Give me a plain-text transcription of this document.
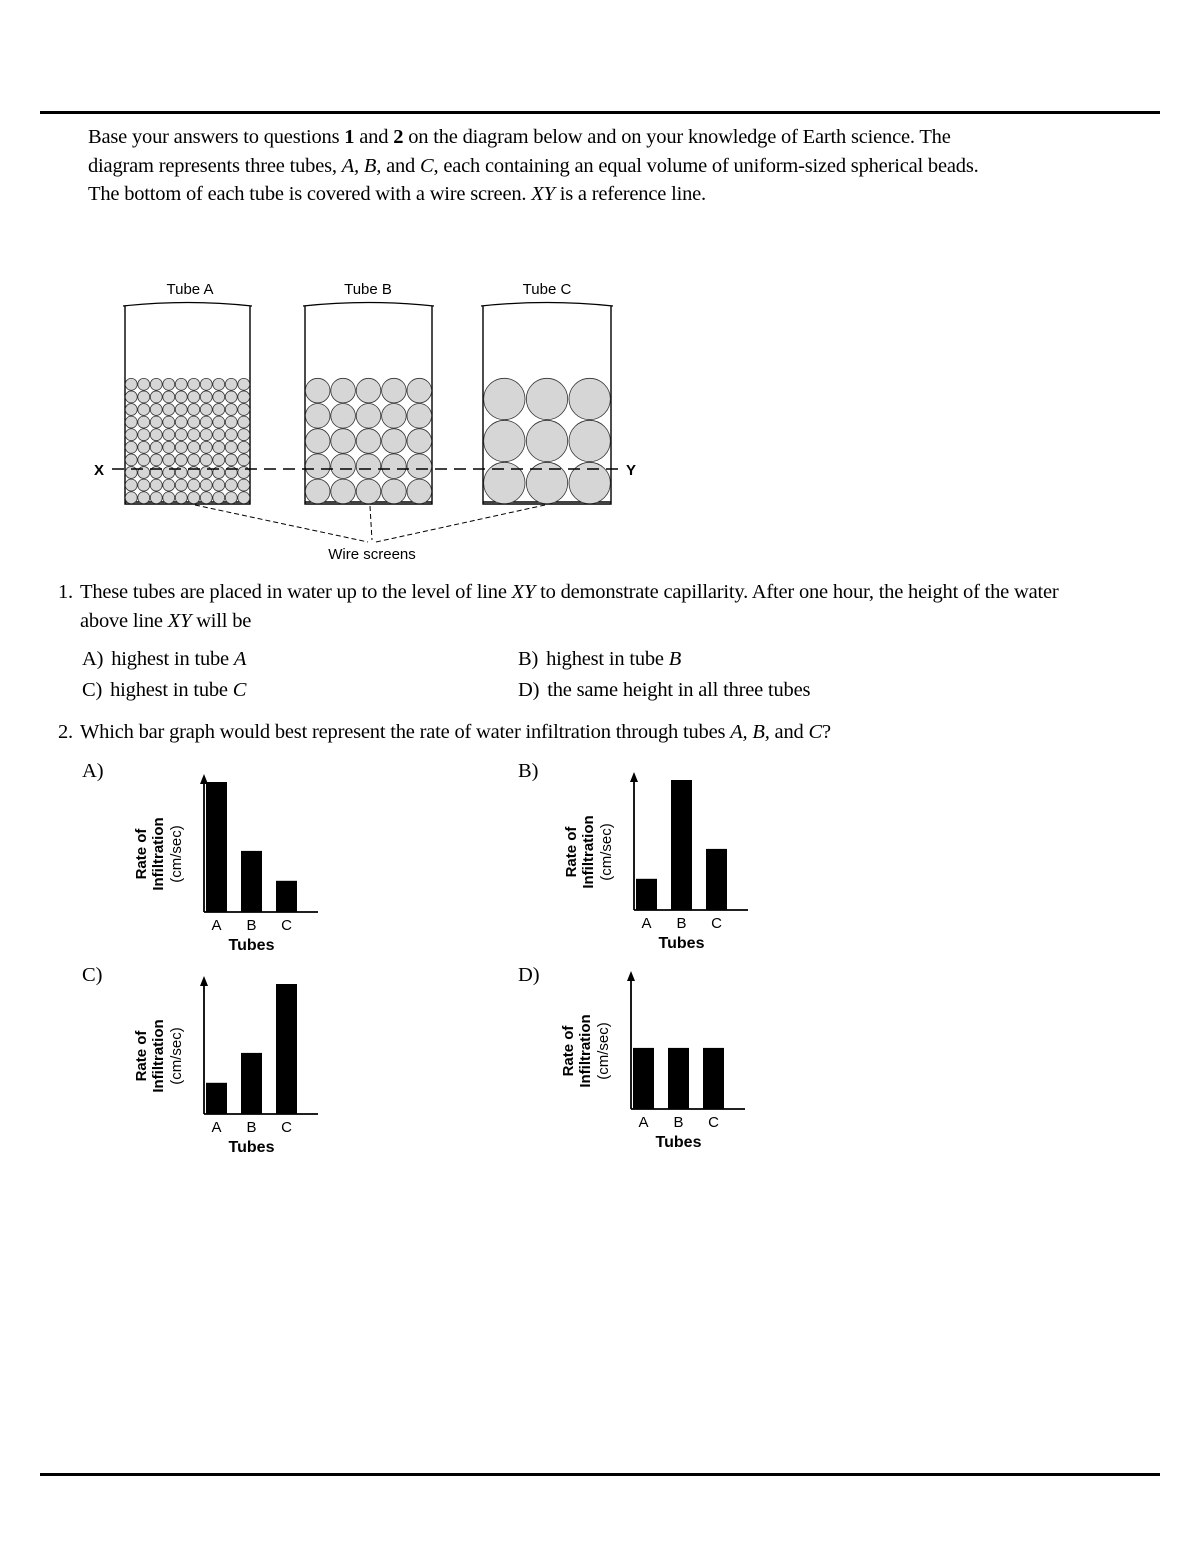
Base your answers to questions 1 and 2 on the diagram below and on your knowledge of Earth science. The diagram represents three tubes, A, B, and C, each containing an equal volume of uniform-sized spherical beads. The bottom of each tube is covered with a wire screen. XY is a reference line.
Tube A	Tube B	Tube C
X	Y
Wire screens
1. These tubes are placed in water up to the level of line XY to demonstrate capillarity. After one hour, the height of the water above line XY will be
A) highest in tube A	B) highest in tube B
C) highest in tube C	D) the same height in all three tubes
2. Which bar graph would best represent the rate of water infiltration through tubes A, B, and C?
A)	B)
C)	D)
Rate of Infiltration (cm/sec)
A B C
Tubes
Rate of Infiltration (cm/sec)
A B C
Tubes
Rate of Infiltration (cm/sec)
A B C
Tubes
Rate of Infiltration (cm/sec)
A B C
Tubes
